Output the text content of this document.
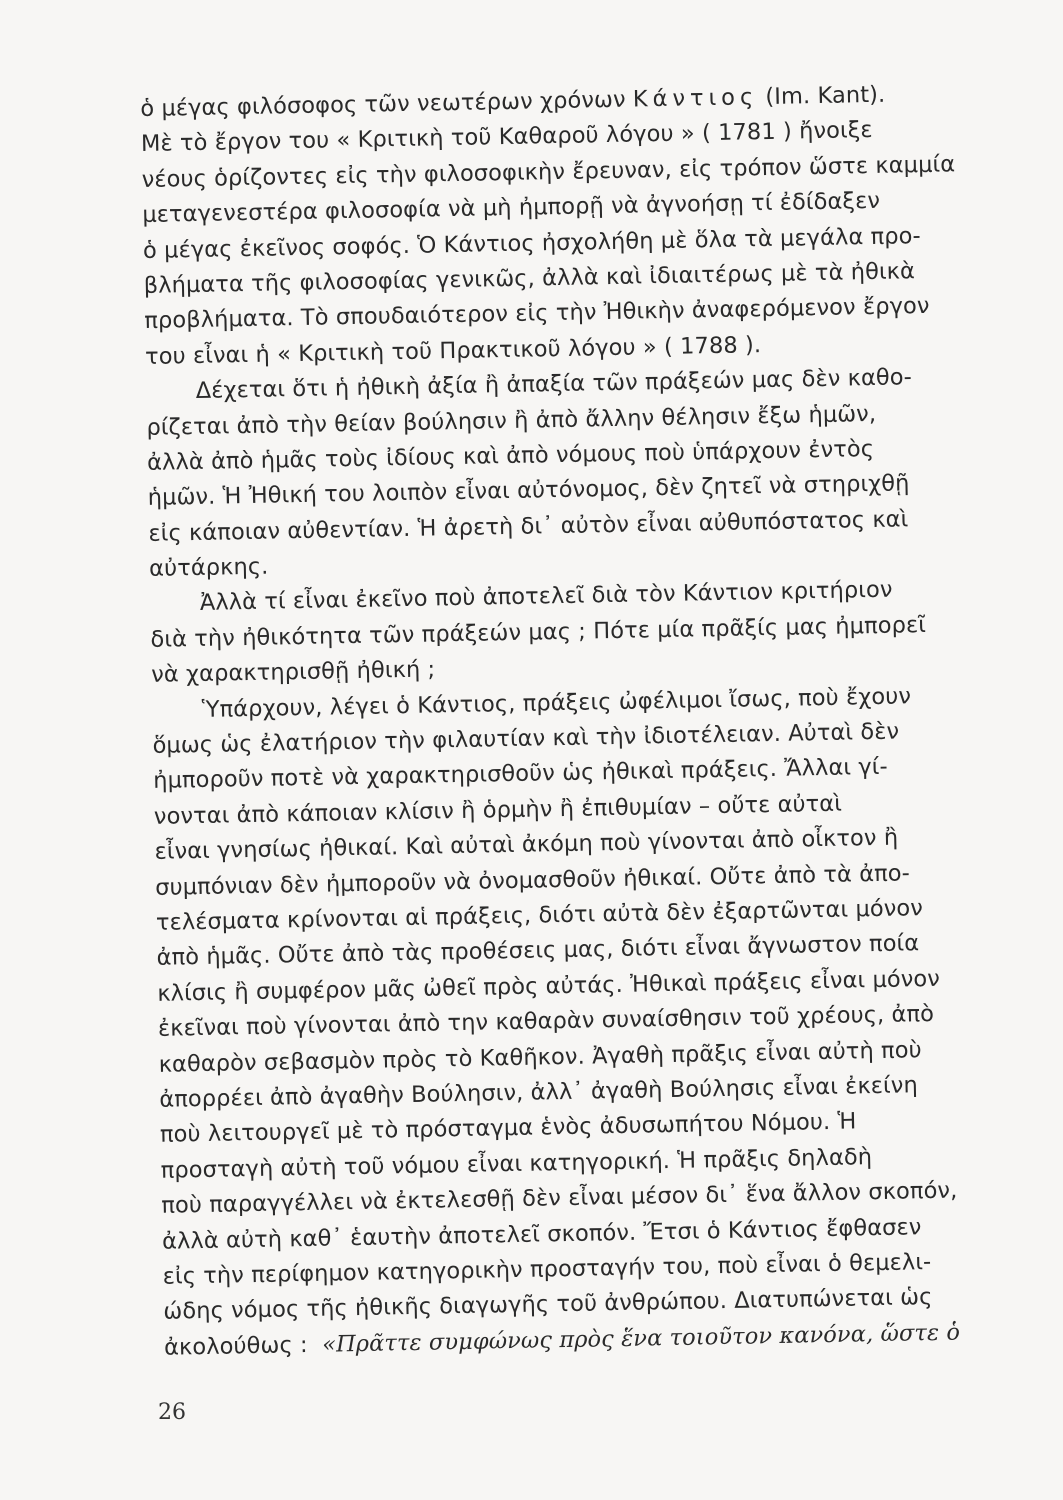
ὁ μέγας φιλόσοφος τῶν νεωτέρων χρόνων Κάντιος (Im. Kant).
Μὲ τὸ ἔργον του « Κριτικὴ τοῦ Καθαροῦ λόγου » ( 1781 ) ἤνοιξε
νέους ὁρίζοντες εἰς τὴν φιλοσοφικὴν ἔρευναν, εἰς τρόπον ὥστε καμμία
μεταγενεστέρα φιλοσοφία νὰ μὴ ἠμπορῇ νὰ ἀγνοήσῃ τί ἐδίδαξεν
ὁ μέγας ἐκεῖνος σοφός. Ὁ Κάντιος ἠσχολήθη μὲ ὅλα τὰ μεγάλα προ-
βλήματα τῆς φιλοσοφίας γενικῶς, ἀλλὰ καὶ ἰδιαιτέρως μὲ τὰ ἠθικὰ
προβλήματα. Τὸ σπουδαιότερον εἰς τὴν Ἠθικὴν ἀναφερόμενον ἔργον
του εἶναι ἡ « Κριτικὴ τοῦ Πρακτικοῦ λόγου » ( 1788 ).
Δέχεται ὅτι ἡ ἠθικὴ ἀξία ἢ ἀπαξία τῶν πράξεών μας δὲν καθο-
ρίζεται ἀπὸ τὴν θείαν βούλησιν ἢ ἀπὸ ἄλλην θέλησιν ἔξω ἡμῶν,
ἀλλὰ ἀπὸ ἡμᾶς τοὺς ἰδίους καὶ ἀπὸ νόμους ποὺ ὑπάρχουν ἐντὸς
ἡμῶν. Ἡ Ἠθική του λοιπὸν εἶναι αὐτόνομος, δὲν ζητεῖ νὰ στηριχθῇ
εἰς κάποιαν αὐθεντίαν. Ἡ ἀρετὴ δι᾽ αὐτὸν εἶναι αὐθυπόστατος καὶ
αὐτάρκης.
Ἀλλὰ τί εἶναι ἐκεῖνο ποὺ ἀποτελεῖ διὰ τὸν Κάντιον κριτήριον
διὰ τὴν ἠθικότητα τῶν πράξεών μας ; Πότε μία πρᾶξίς μας ἠμπορεῖ
νὰ χαρακτηρισθῇ ἠθική ;
Ὑπάρχουν, λέγει ὁ Κάντιος, πράξεις ὠφέλιμοι ἴσως, ποὺ ἔχουν
ὅμως ὡς ἐλατήριον τὴν φιλαυτίαν καὶ τὴν ἰδιοτέλειαν. Αὐταὶ δὲν
ἠμποροῦν ποτὲ νὰ χαρακτηρισθοῦν ὡς ἠθικαὶ πράξεις. Ἄλλαι γί-
νονται ἀπὸ κάποιαν κλίσιν ἢ ὁρμὴν ἢ ἐπιθυμίαν – οὔτε αὐταὶ
εἶναι γνησίως ἠθικαί. Καὶ αὐταὶ ἀκόμη ποὺ γίνονται ἀπὸ οἶκτον ἢ
συμπόνιαν δὲν ἠμποροῦν νὰ ὀνομασθοῦν ἠθικαί. Οὔτε ἀπὸ τὰ ἀπο-
τελέσματα κρίνονται αἱ πράξεις, διότι αὐτὰ δὲν ἐξαρτῶνται μόνον
ἀπὸ ἡμᾶς. Οὔτε ἀπὸ τὰς προθέσεις μας, διότι εἶναι ἄγνωστον ποία
κλίσις ἢ συμφέρον μᾶς ὠθεῖ πρὸς αὐτάς. Ἠθικαὶ πράξεις εἶναι μόνον
ἐκεῖναι ποὺ γίνονται ἀπὸ την καθαρὰν συναίσθησιν τοῦ χρέους, ἀπὸ
καθαρὸν σεβασμὸν πρὸς τὸ Καθῆκον. Ἀγαθὴ πρᾶξις εἶναι αὐτὴ ποὺ
ἀπορρέει ἀπὸ ἀγαθὴν Βούλησιν, ἀλλ᾽ ἀγαθὴ Βούλησις εἶναι ἐκείνη
ποὺ λειτουργεῖ μὲ τὸ πρόσταγμα ἑνὸς ἀδυσωπήτου Νόμου. Ἡ
προσταγὴ αὐτὴ τοῦ νόμου εἶναι κατηγορική. Ἡ πρᾶξις δηλαδὴ
ποὺ παραγγέλλει νὰ ἐκτελεσθῇ δὲν εἶναι μέσον δι᾽ ἕνα ἄλλον σκοπόν,
ἀλλὰ αὐτὴ καθ᾽ ἑαυτὴν ἀποτελεῖ σκοπόν. Ἔτσι ὁ Κάντιος ἔφθασεν
εἰς τὴν περίφημον κατηγορικὴν προσταγήν του, ποὺ εἶναι ὁ θεμελι-
ώδης νόμος τῆς ἠθικῆς διαγωγῆς τοῦ ἀνθρώπου. Διατυπώνεται ὡς
ἀκολούθως :  «Πρᾶττε συμφώνως πρὸς ἕνα τοιοῦτον κανόνα, ὥστε ὁ
26
